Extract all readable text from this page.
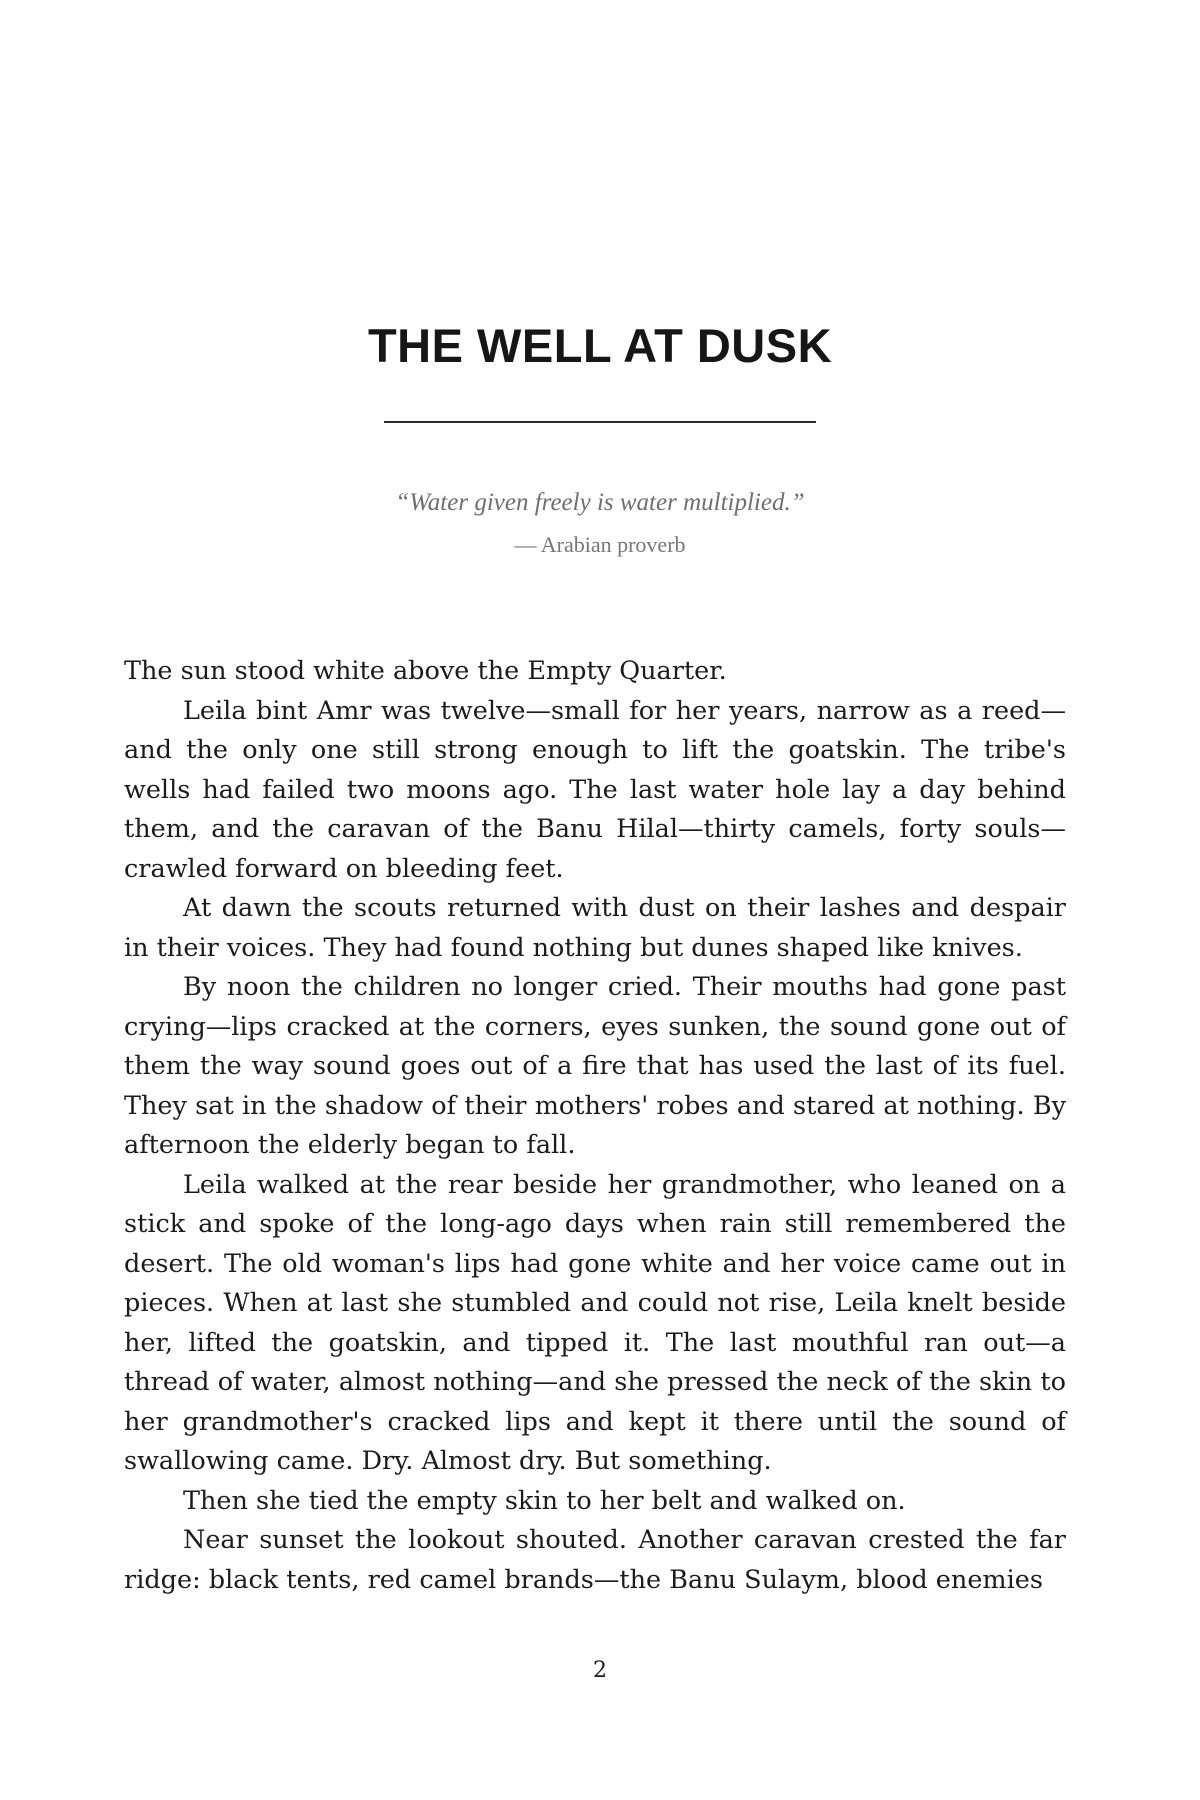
THE WELL AT DUSK
“Water given freely is water multiplied.”
— Arabian proverb

The sun stood white above the Empty Quarter.

Leila bint Amr was twelve—small for her years, narrow as a reed—and the only one still strong enough to lift the goatskin. The tribe's wells had failed two moons ago. The last water hole lay a day behind them, and the caravan of the Banu Hilal—thirty camels, forty souls—crawled forward on bleeding feet.

At dawn the scouts returned with dust on their lashes and despair in their voices. They had found nothing but dunes shaped like knives.

By noon the children no longer cried. Their mouths had gone past crying—lips cracked at the corners, eyes sunken, the sound gone out of them the way sound goes out of a fire that has used the last of its fuel. They sat in the shadow of their mothers' robes and stared at nothing. By afternoon the elderly began to fall.

Leila walked at the rear beside her grandmother, who leaned on a stick and spoke of the long-ago days when rain still remembered the desert. The old woman's lips had gone white and her voice came out in pieces. When at last she stumbled and could not rise, Leila knelt beside her, lifted the goatskin, and tipped it. The last mouthful ran out—a thread of water, almost nothing—and she pressed the neck of the skin to her grandmother's cracked lips and kept it there until the sound of swallowing came. Dry. Almost dry. But something.

Then she tied the empty skin to her belt and walked on.

Near sunset the lookout shouted. Another caravan crested the far ridge: black tents, red camel brands—the Banu Sulaym, blood enemies

2
